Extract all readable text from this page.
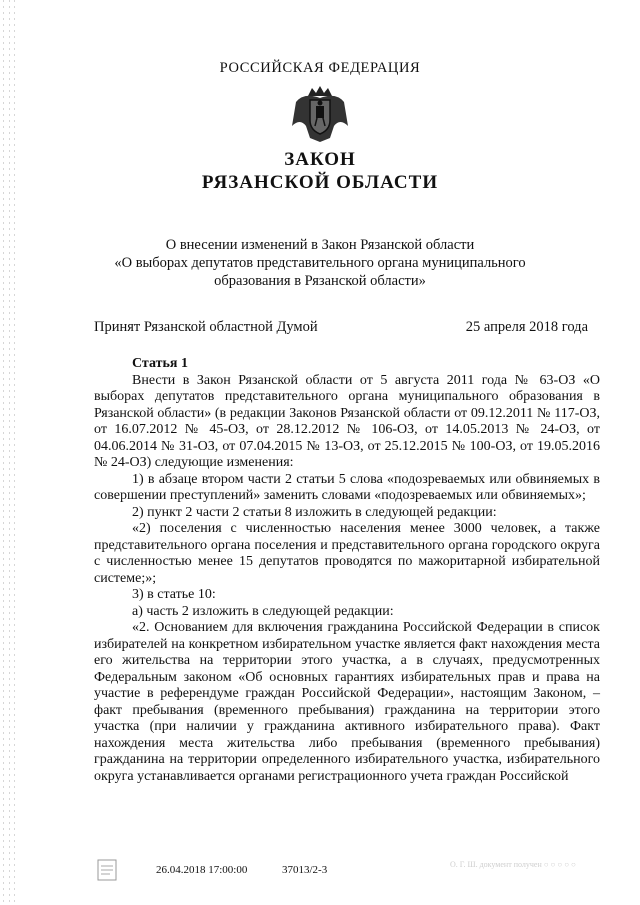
РОССИЙСКАЯ ФЕДЕРАЦИЯ
ЗАКОН
РЯЗАНСКОЙ ОБЛАСТИ
О внесении изменений в Закон Рязанской области
«О выборах депутатов представительного органа муниципального
образования в Рязанской области»
Принят Рязанской областной Думой	25 апреля 2018 года

Статья 1

Внести в Закон Рязанской области от 5 августа 2011 года № 63-ОЗ «О выборах депутатов представительного органа муниципального образования в Рязанской области» (в редакции Законов Рязанской области от 09.12.2011 № 117-ОЗ, от 16.07.2012 № 45-ОЗ, от 28.12.2012 № 106-ОЗ, от 14.05.2013 № 24-ОЗ, от 04.06.2014 № 31-ОЗ, от 07.04.2015 № 13-ОЗ, от 25.12.2015 № 100-ОЗ, от 19.05.2016 № 24-ОЗ) следующие изменения:

1) в абзаце втором части 2 статьи 5 слова «подозреваемых или обвиняемых в совершении преступлений» заменить словами «подозреваемых или обвиняемых»;

2) пункт 2 части 2 статьи 8 изложить в следующей редакции:

«2) поселения с численностью населения менее 3000 человек, а также представительного органа поселения и представительного органа городского округа с численностью менее 15 депутатов проводятся по мажоритарной избирательной системе;»;

3) в статье 10:

а) часть 2 изложить в следующей редакции:

«2. Основанием для включения гражданина Российской Федерации в список избирателей на конкретном избирательном участке является факт нахождения места его жительства на территории этого участка, а в случаях, предусмотренных Федеральным законом «Об основных гарантиях избирательных прав и права на участие в референдуме граждан Российской Федерации», настоящим Законом, – факт пребывания (временного пребывания) гражданина на территории этого участка (при наличии у гражданина активного избирательного права). Факт нахождения места жительства либо пребывания (временного пребывания) гражданина на территории определенного избирательного участка, избирательного округа устанавливается органами регистрационного учета граждан Российской

26.04.2018 17:00:00	37013/2-3	О. Г. Ш. документ получен ○ ○ ○ ○ ○
